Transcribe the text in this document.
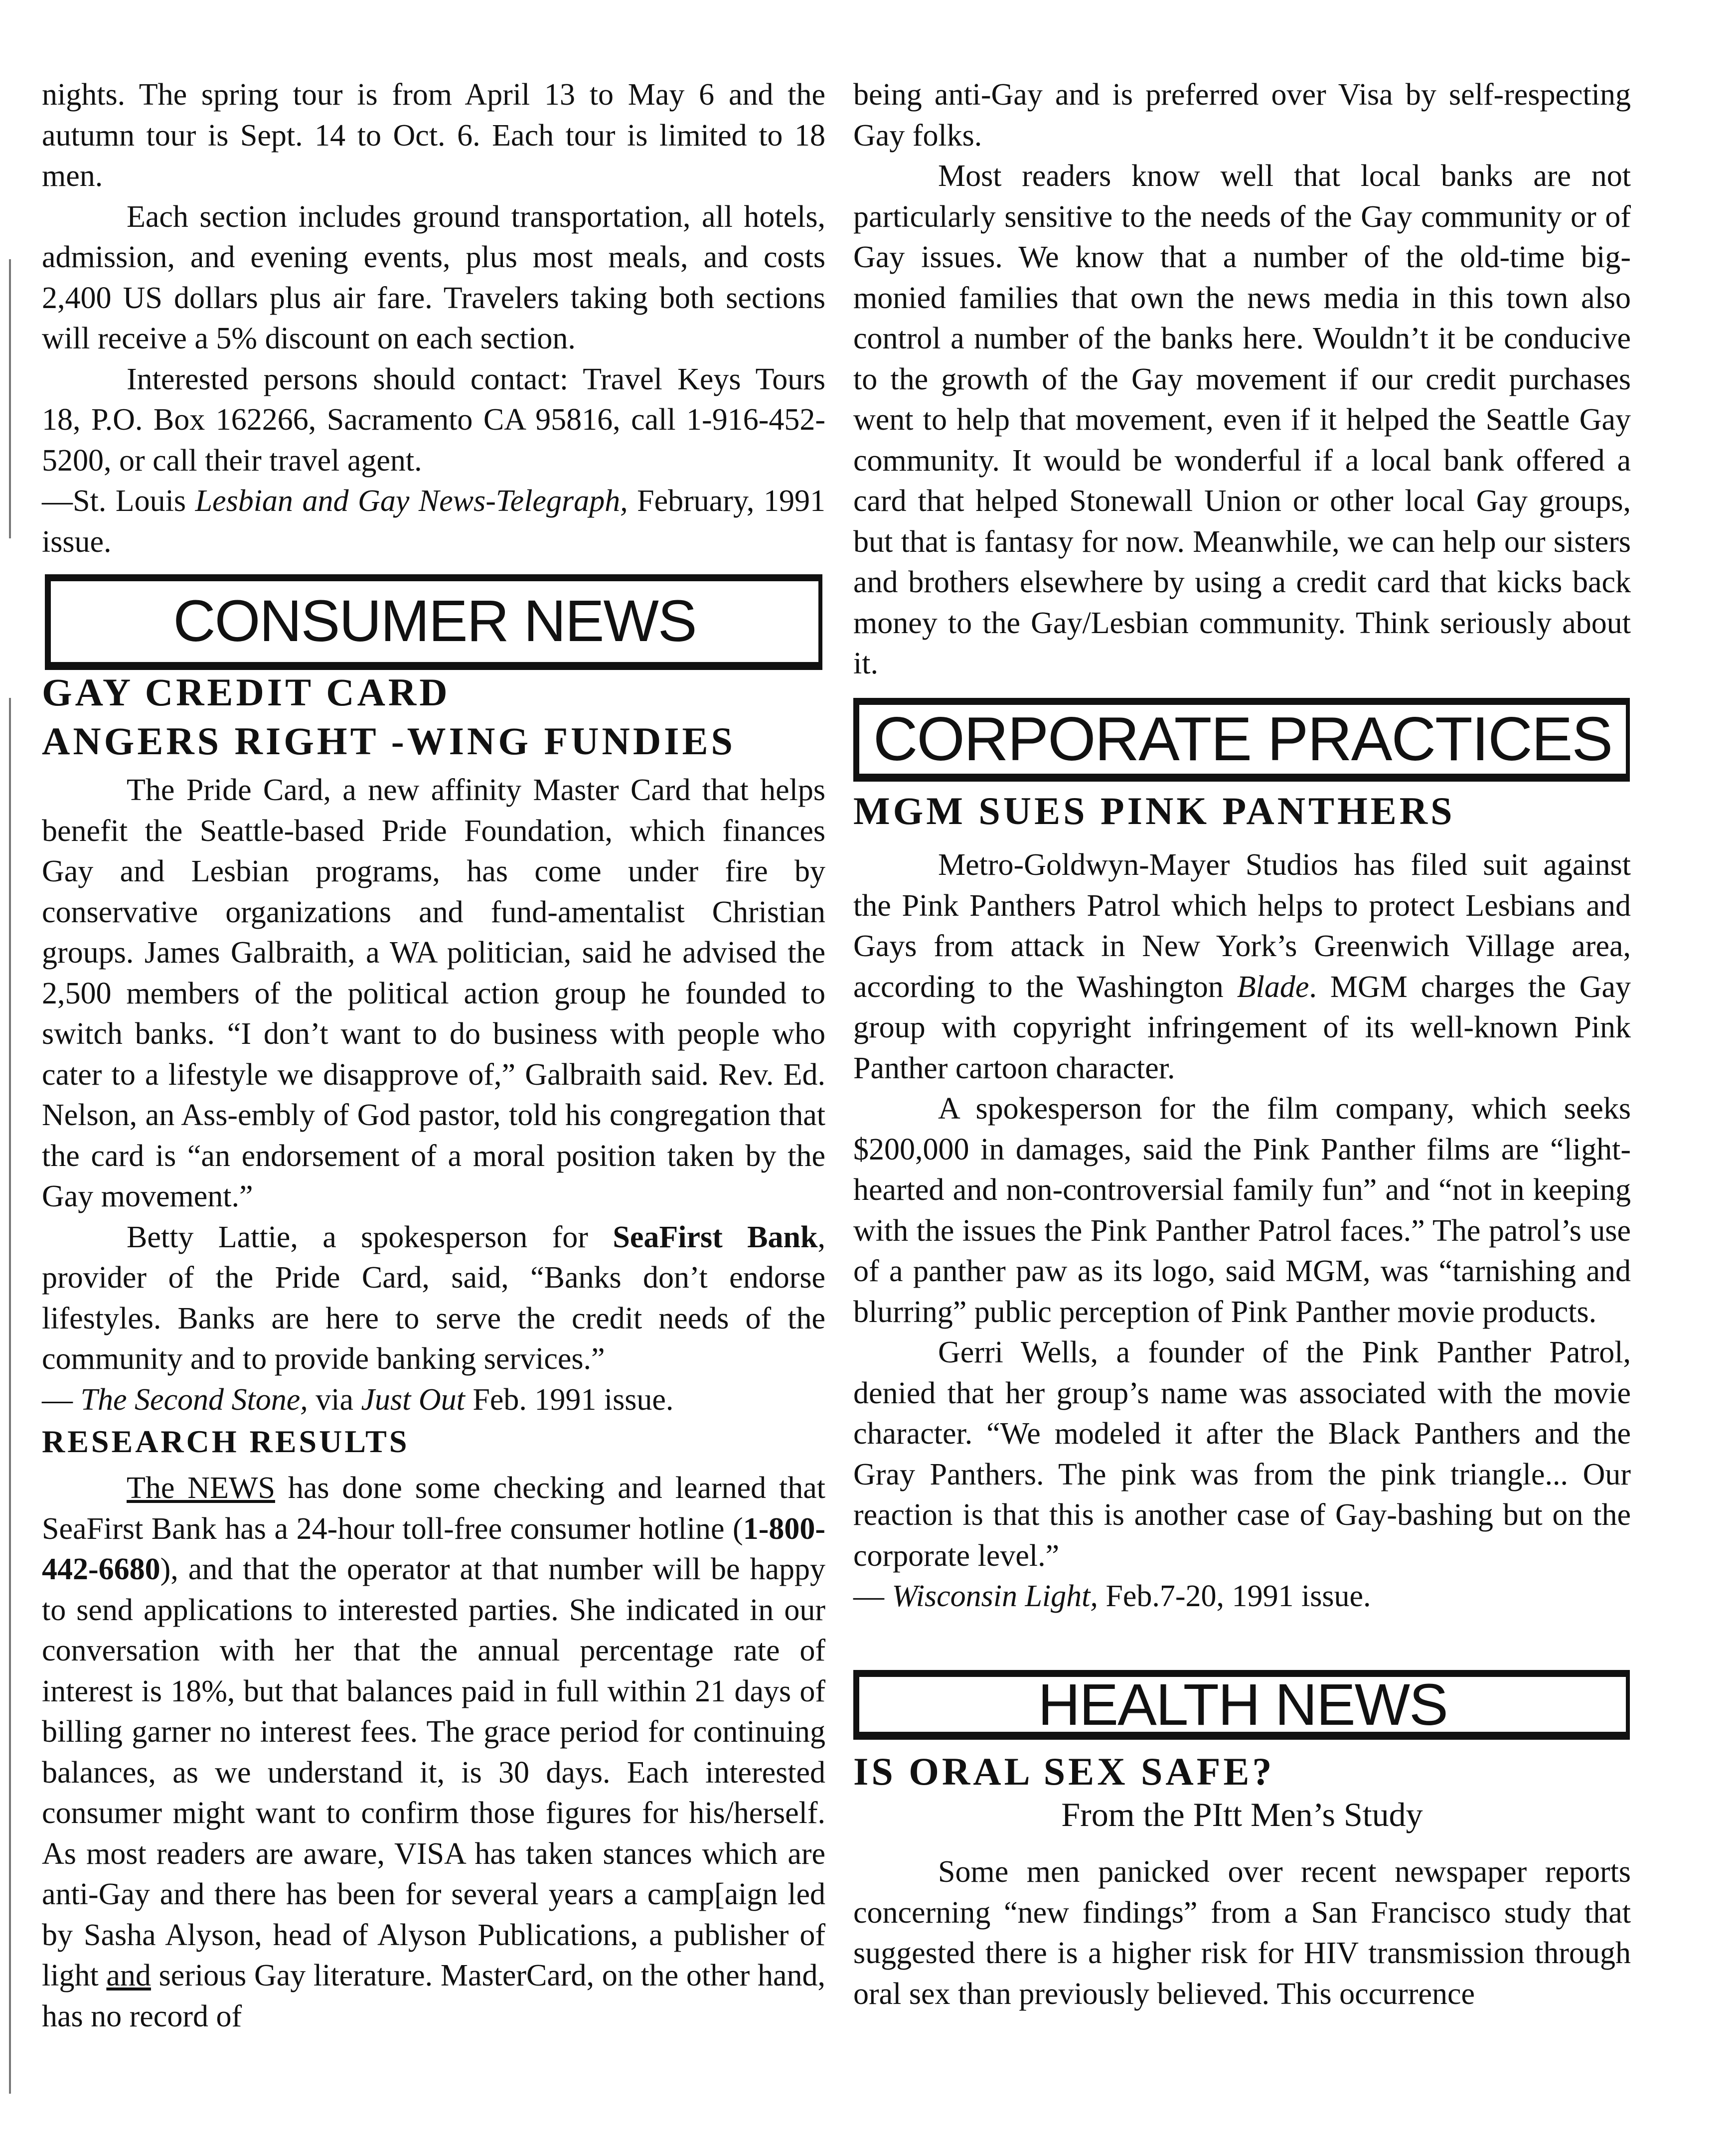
nights. The spring tour is from April 13 to May 6 and the autumn tour is Sept. 14 to Oct. 6. Each tour is limited to 18 men.

Each section includes ground transportation, all hotels, admission, and evening events, plus most meals, and costs 2,400 US dollars plus air fare. Travelers taking both sections will receive a 5% discount on each section.

Interested persons should contact: Travel Keys Tours 18, P.O. Box 162266, Sacramento CA 95816, call 1-916-452-5200, or call their travel agent.

—St. Louis Lesbian and Gay News-Telegraph, February, 1991 issue.

CONSUMER NEWS
GAY CREDIT CARD
ANGERS RIGHT -WING FUNDIES

The Pride Card, a new affinity Master Card that helps benefit the Seattle-based Pride Foundation, which finances Gay and Lesbian programs, has come under fire by conservative organizations and fund-amentalist Christian groups. James Galbraith, a WA politician, said he advised the 2,500 members of the political action group he founded to switch banks. “I don’t want to do business with people who cater to a lifestyle we disapprove of,” Galbraith said. Rev. Ed. Nelson, an Ass-embly of God pastor, told his congregation that the card is “an endorsement of a moral position taken by the Gay movement.”

Betty Lattie, a spokesperson for SeaFirst Bank, provider of the Pride Card, said, “Banks don’t endorse lifestyles. Banks are here to serve the credit needs of the community and to provide banking services.”

— The Second Stone, via Just Out Feb. 1991 issue.

RESEARCH RESULTS

The NEWS has done some checking and learned that SeaFirst Bank has a 24-hour toll-free consumer hotline (1-800-442-6680), and that the operator at that number will be happy to send applications to interested parties. She indicated in our conversation with her that the annual percentage rate of interest is 18%, but that balances paid in full within 21 days of billing garner no interest fees. The grace period for continuing balances, as we understand it, is 30 days. Each interested consumer might want to confirm those figures for his/herself. As most readers are aware, VISA has taken stances which are anti-Gay and there has been for several years a camp[aign led by Sasha Alyson, head of Alyson Publications, a publisher of light and serious Gay literature. MasterCard, on the other hand, has no record of

being anti-Gay and is preferred over Visa by self-respecting Gay folks.

Most readers know well that local banks are not particularly sensitive to the needs of the Gay community or of Gay issues. We know that a number of the old-time big-monied families that own the news media in this town also control a number of the banks here. Wouldn’t it be conducive to the growth of the Gay movement if our credit purchases went to help that movement, even if it helped the Seattle Gay community. It would be wonderful if a local bank offered a card that helped Stonewall Union or other local Gay groups, but that is fantasy for now. Meanwhile, we can help our sisters and brothers elsewhere by using a credit card that kicks back money to the Gay/Lesbian community. Think seriously about it.

CORPORATE PRACTICES
MGM SUES PINK PANTHERS

Metro-Goldwyn-Mayer Studios has filed suit against the Pink Panthers Patrol which helps to protect Lesbians and Gays from attack in New York’s Greenwich Village area, according to the Washington Blade. MGM charges the Gay group with copyright infringement of its well-known Pink Panther cartoon character.

A spokesperson for the film company, which seeks $200,000 in damages, said the Pink Panther films are “light-hearted and non-controversial family fun” and “not in keeping with the issues the Pink Panther Patrol faces.” The patrol’s use of a panther paw as its logo, said MGM, was “tarnishing and blurring” public perception of Pink Panther movie products.

Gerri Wells, a founder of the Pink Panther Patrol, denied that her group’s name was associated with the movie character. “We modeled it after the Black Panthers and the Gray Panthers. The pink was from the pink triangle... Our reaction is that this is another case of Gay-bashing but on the corporate level.”

— Wisconsin Light, Feb.7-20, 1991 issue.

HEALTH NEWS
IS ORAL SEX SAFE?
From the PItt Men’s Study

Some men panicked over recent newspaper reports concerning “new findings” from a San Francisco study that suggested there is a higher risk for HIV transmission through oral sex than previously believed. This occurrence
